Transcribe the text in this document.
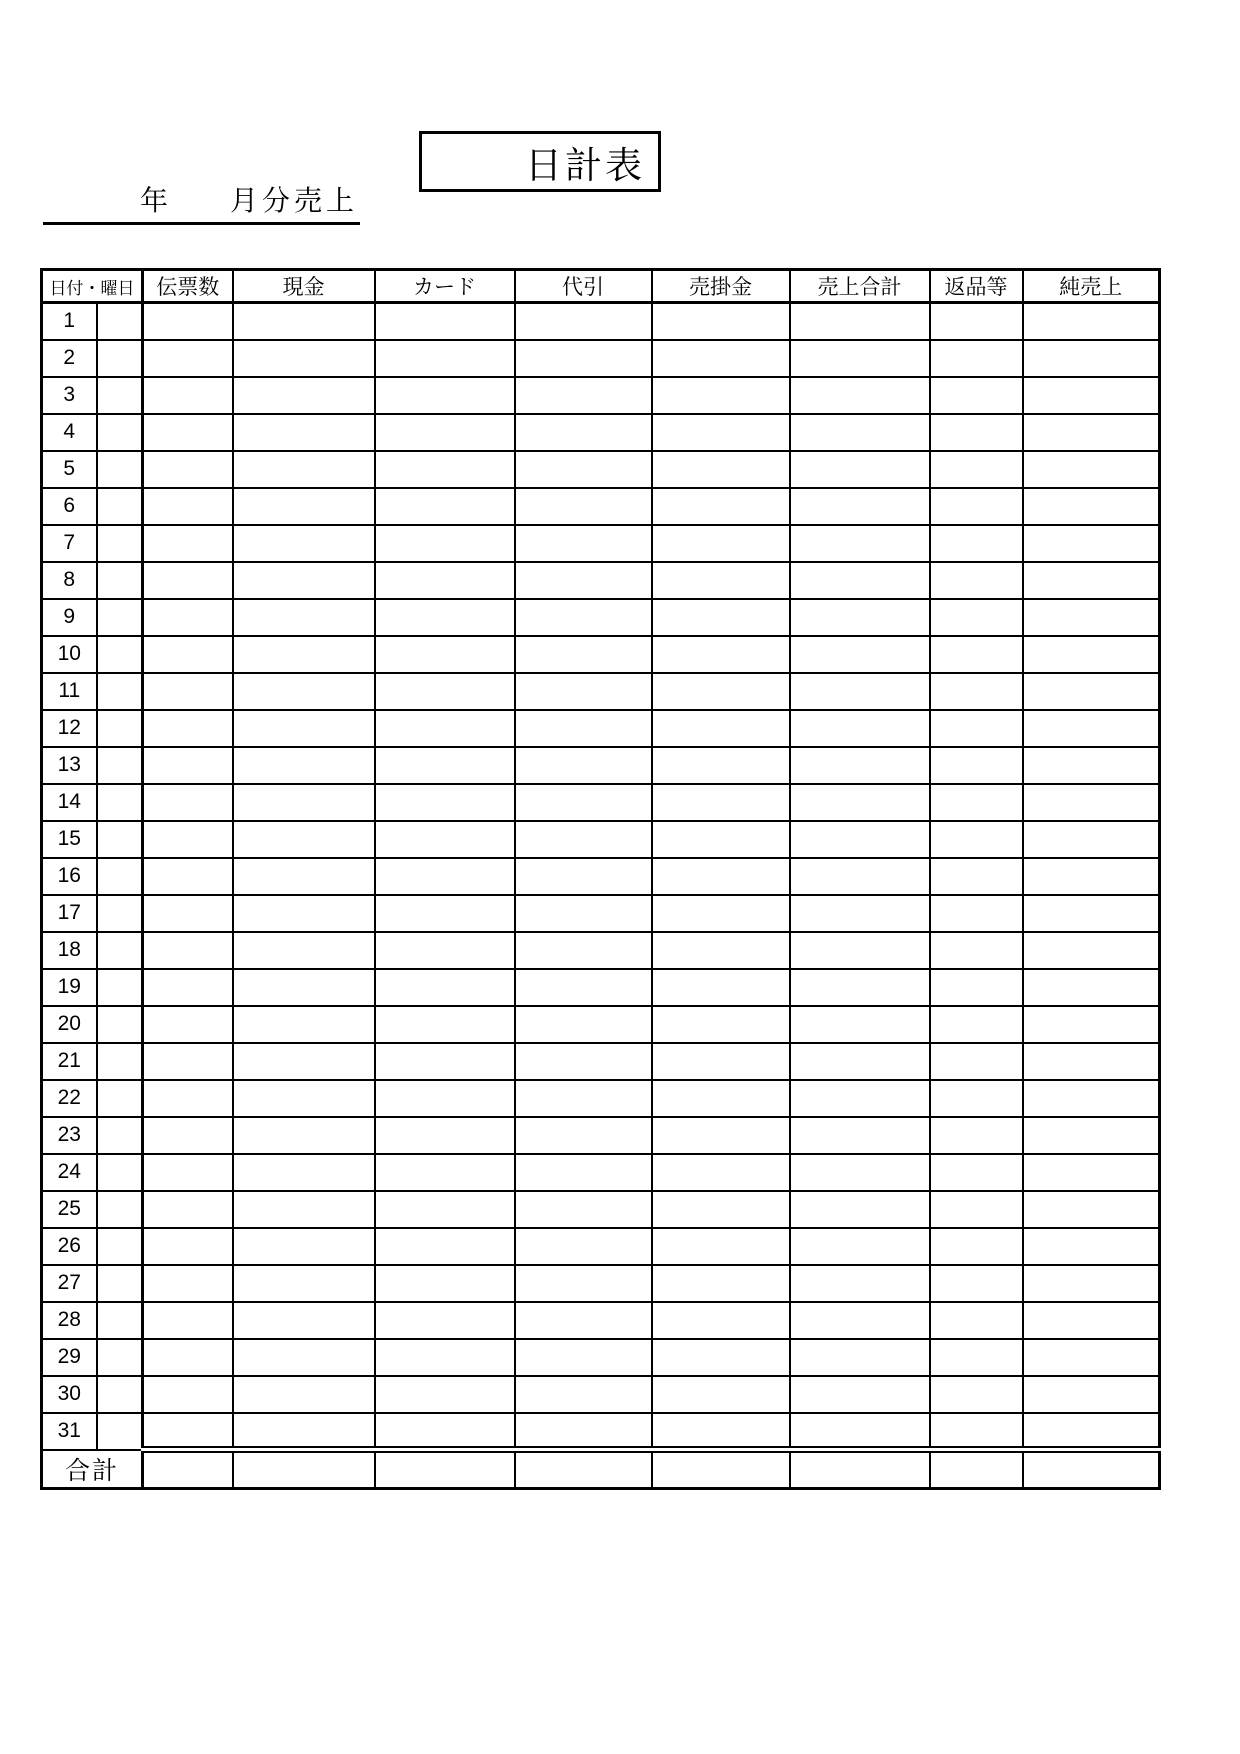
日計表
年 月分売上
日付・曜日		伝票数	現金	カード	代引	売掛金	売上合計	返品等	純売上
1									
2									
3									
4									
5									
6									
7									
8									
9									
10									
11									
12									
13									
14									
15									
16									
17									
18									
19									
20									
21									
22									
23									
24									
25									
26									
27									
28									
29									
30									
31									
合計									
